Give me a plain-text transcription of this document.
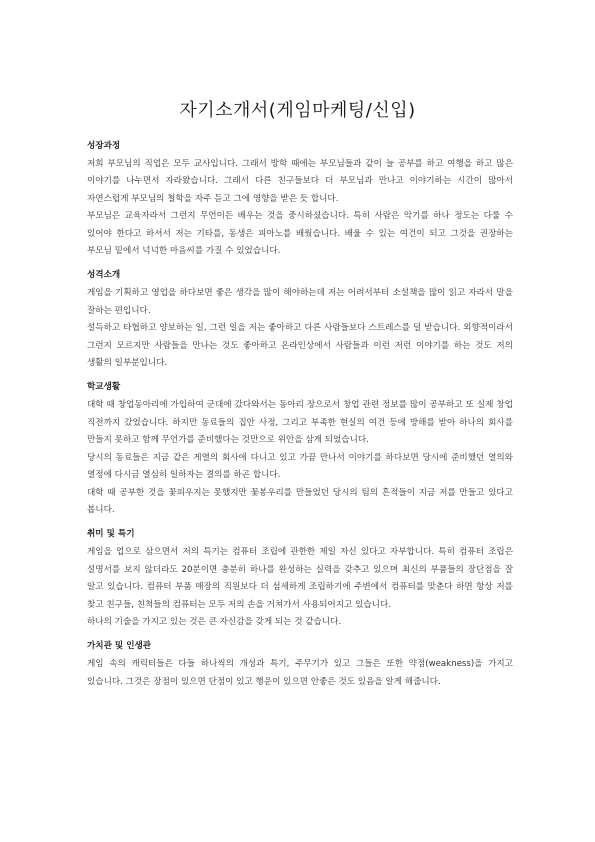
자기소개서(게임마케팅/신입)
성장과정

저희 부모님의 직업은 모두 교사입니다. 그래서 방학 때에는 부모님들과 같이 늘 공부를 하고 여행을 하고 많은 이야기를 나누면서 자라왔습니다. 그래서 다른 친구들보다 더 부모님과 만나고 이야기하는 시간이 많아서 자연스럽게 부모님의 철학을 자주 듣고 그에 영향을 받은 듯 합니다.

부모님은 교육자라서 그런지 무언이든 배우는 것을 중시하셨습니다. 특히 사람은 악기를 하나 정도는 다룰 수 있어야 한다고 하셔서 저는 기타를, 동생은 피아노를 배웠습니다. 배울 수 있는 여건이 되고 그것을 권장하는 부모님 밑에서 넉넉한 마음씨를 가질 수 있었습니다.

성격소개

게임을 기획하고 영업을 하다보면 좋은 생각을 많이 해야하는데 저는 어려서부터 소설책을 많이 읽고 자라서 말을 잘하는 편입니다.

설득하고 타협하고 양보하는 일, 그런 일을 저는 좋아하고 다른 사람들보다 스트레스를 덜 받습니다. 외향적이라서 그런지 모르지만 사람들을 만나는 것도 좋아하고 온라인상에서 사람들과 이런 저런 이야기를 하는 것도 저의 생활의 일부분입니다.

학교생활

대학 때 창업동아리에 가입하여 군대에 갔다와서는 동아리 장으로서 창업 관련 정보를 많이 공부하고 또 실제 창업 직전까지 갔었습니다. 하지만 동료들의 집안 사정, 그리고 부족한 현실의 여건 등에 방해를 받아 하나의 회사를 만들지 못하고 함께 무언가를 준비했다는 것만으로 위안을 삼게 되었습니다.

당시의 동료들은 지금 같은 게열의 회사에 다니고 있고 가끔 만나서 이야기를 하다보면 당시에 준비했던 열의와 열정에 다시금 열심히 일하자는 결의를 하곤 합니다.

대학 때 공부한 것을 꽃피우지는 못했지만 꽃봉우리를 만들었던 당시의 팀의 흔적들이 지금 저를 만들고 있다고 봅니다.

취미 및 특기

게임을 업으로 삼으면서 저의 특기는 컴퓨터 조립에 관한한 제일 자신 있다고 자부합니다. 특히 컴퓨터 조립은 설명서를 보지 않더라도 20분이면 충분히 하나를 완성하는 실력을 갖추고 있으며 최신의 부품들의 장단점을 잘 알고 있습니다. 컴퓨터 부품 매장의 직원보다 더 섬세하게 조립하기에 주변에서 컴퓨터를 맞춘다 하면 항상 저를 찾고 친구들, 친척들의 컴퓨터는 모두 저의 손을 거쳐가서 사용되어지고 있습니다.

하나의 기술을 가지고 있는 것은 큰 자신감을 갖게 되는 것 같습니다.

가치관 및 인생관

게임 속의 캐릭터들은 다들 하나씩의 개성과 특기, 주무기가 있고 그들은 또한 약점(weakness)을 가지고 있습니다. 그것은 장점이 있으면 단점이 있고 행운이 있으면 안좋은 것도 있음을 알게 해줍니다.
